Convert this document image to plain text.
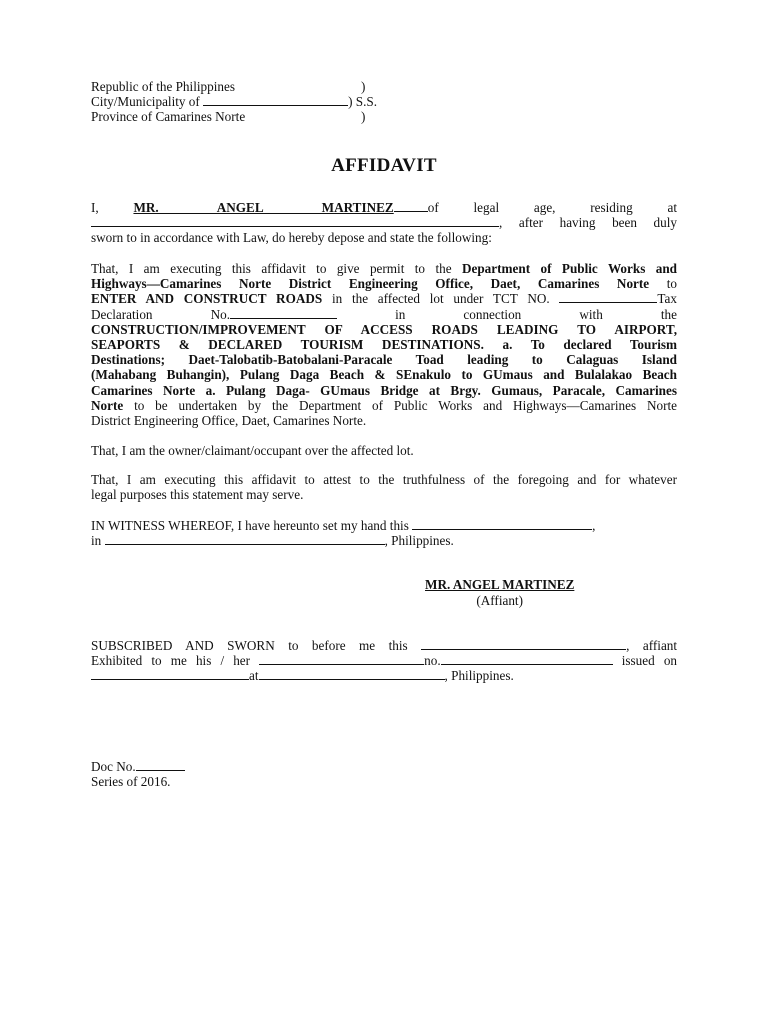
Republic of the Philippines	)
City/Municipality of
	) S.S.
Province of Camarines Norte	)
AFFIDAVIT
I,	MR. ANGEL MARTINEZ	of	legal	age,	residing	at
, after having been duly
sworn to in accordance with Law, do hereby depose and state the following:
That, I am executing this affidavit to give permit to the Department of Public Works and
Highways—Camarines Norte District Engineering Office, Daet, Camarines Norte to
ENTER AND CONSTRUCT ROADS in the affected lot under TCT NO.	Tax
Declaration No.	in	connection	with	the
CONSTRUCTION/IMPROVEMENT OF ACCESS ROADS LEADING TO AIRPORT,
SEAPORTS & DECLARED TOURISM DESTINATIONS. a. To declared Tourism
Destinations; Daet-Talobatib-Batobalani-Paracale Toad leading to Calaguas Island
(Mahabang Buhangin), Pulang Daga Beach & SEnakulo to GUmaus and Bulalakao Beach
Camarines Norte a. Pulang Daga- GUmaus Bridge at Brgy. Gumaus, Paracale, Camarines
Norte to be undertaken by the Department of Public Works and Highways—Camarines Norte
District Engineering Office, Daet, Camarines Norte.
That, I am the owner/claimant/occupant over the affected lot.
That, I am executing this affidavit to attest to the truthfulness of the foregoing and for whatever
legal purposes this statement may serve.
IN WITNESS WHEREOF, I have hereunto set my hand this	,
in	, Philippines.
MR. ANGEL MARTINEZ
(Affiant)
SUBSCRIBED AND SWORN to before me this	, affiant
Exhibited to me his / her	no.	issued on
at	, Philippines.
Doc No.
Series of 2016.
